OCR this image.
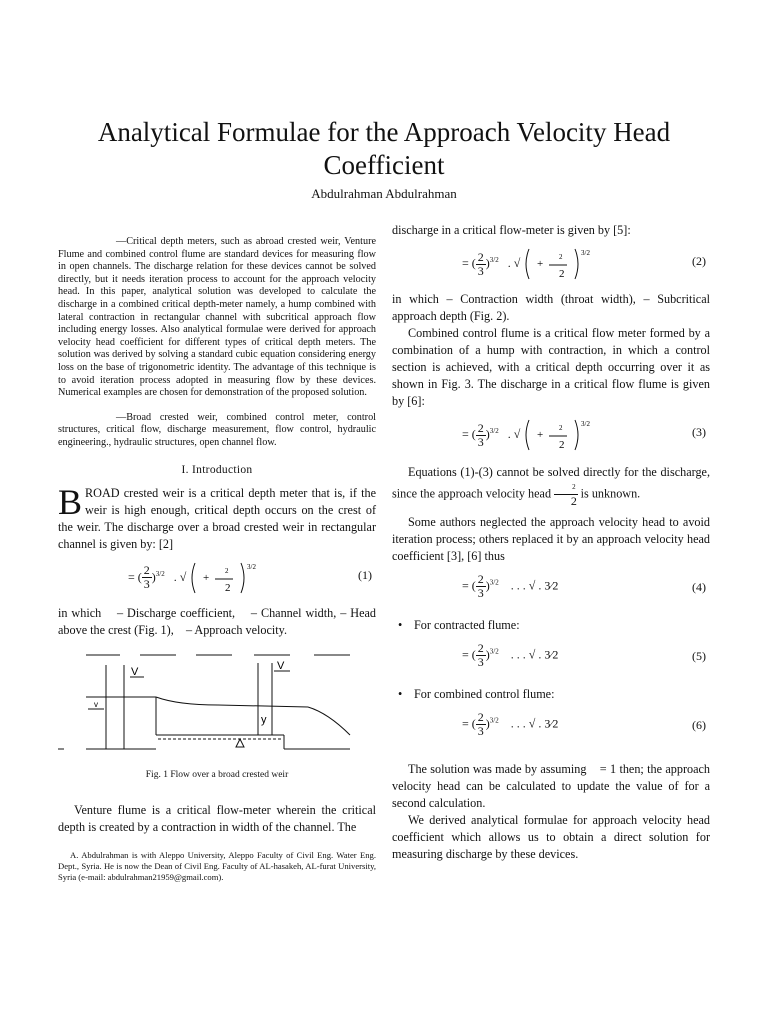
Analytical Formulae for the Approach Velocity Head Coefficient
Abdulrahman Abdulrahman

—Critical depth meters, such as abroad crested weir, Venture Flume and combined control flume are standard devices for measuring flow in open channels. The discharge relation for these devices cannot be solved directly, but it needs iteration process to account for the approach velocity head. In this paper, analytical solution was developed to calculate the discharge in a combined critical depth-meter namely, a hump combined with lateral contraction in rectangular channel with subcritical approach flow including energy losses. Also analytical formulae were derived for approach velocity head coefficient for different types of critical depth meters. The solution was derived by solving a standard cubic equation considering energy loss on the base of trigonometric identity. The advantage of this technique is to avoid iteration process adopted in measuring flow by these devices. Numerical examples are chosen for demonstration of the proposed solution.

—Broad crested weir, combined control meter, control structures, critical flow, discharge measurement, flow control, hydraulic engineering., hydraulic structures, open channel flow.

I. Introduction

BROAD crested weir is a critical depth meter that is, if the weir is high enough, critical depth occurs on the crest of the weir. The discharge over a broad crested weir in rectangular channel is given by: [2]

= ( $\frac{2}{3} )^{3/2}$   . √ +
2
2	3/2
(1)

in which    – Discharge coefficient,    – Channel width, – Head above the crest (Fig. 1), – Approach velocity.

V	V
v
y
Fig. 1 Flow over a broad crested weir

Venture flume is a critical flow-meter wherein the critical depth is created by a contraction in width of the channel. The

A. Abdulrahman is with Aleppo University, Aleppo Faculty of Civil Eng. Water Eng. Dept., Syria. He is now the Dean of Civil Eng. Faculty of AL-hasakeh, AL-furat University, Syria (e-mail: abdulrahman21959@gmail.com).

discharge in a critical flow-meter is given by [5]:

= ( $\frac{2}{3} )^{3/2}$   . √ +
2
2	3/2
(2)

in which – Contraction width (throat width), – Subcritical approach depth (Fig. 2).

Combined control flume is a critical flow meter formed by a combination of a hump with contraction, in which a control section is achieved, with a critical depth occurring over it as shown in Fig. 3. The discharge in a critical flow flume is given by [6]:

= ( $\frac{2}{3} )^{3/2}$   . √ +
2
2	3/2
(3)

Equations (1)-(3) cannot be solved directly for the discharge, since the approach velocity head $\frac{2}{2}$ is unknown.

Some authors neglected the approach velocity head to avoid iteration process; others replaced it by an approach velocity head coefficient [3], [6] thus

= ( $\frac{2}{3} )^{3/2}$ . . . √ . 3⁄2	(4)
• For contracted flume:
= ( $\frac{2}{3} )^{3/2}$ . . . √ . 3⁄2	(5)
• For combined control flume:
= ( $\frac{2}{3} )^{3/2}$ . . . √ . 3⁄2	(6)

The solution was made by assuming = 1 then; the approach velocity head can be calculated to update the value of for a second calculation.

We derived analytical formulae for approach velocity head coefficient which allows us to obtain a direct solution for measuring discharge by these devices.
